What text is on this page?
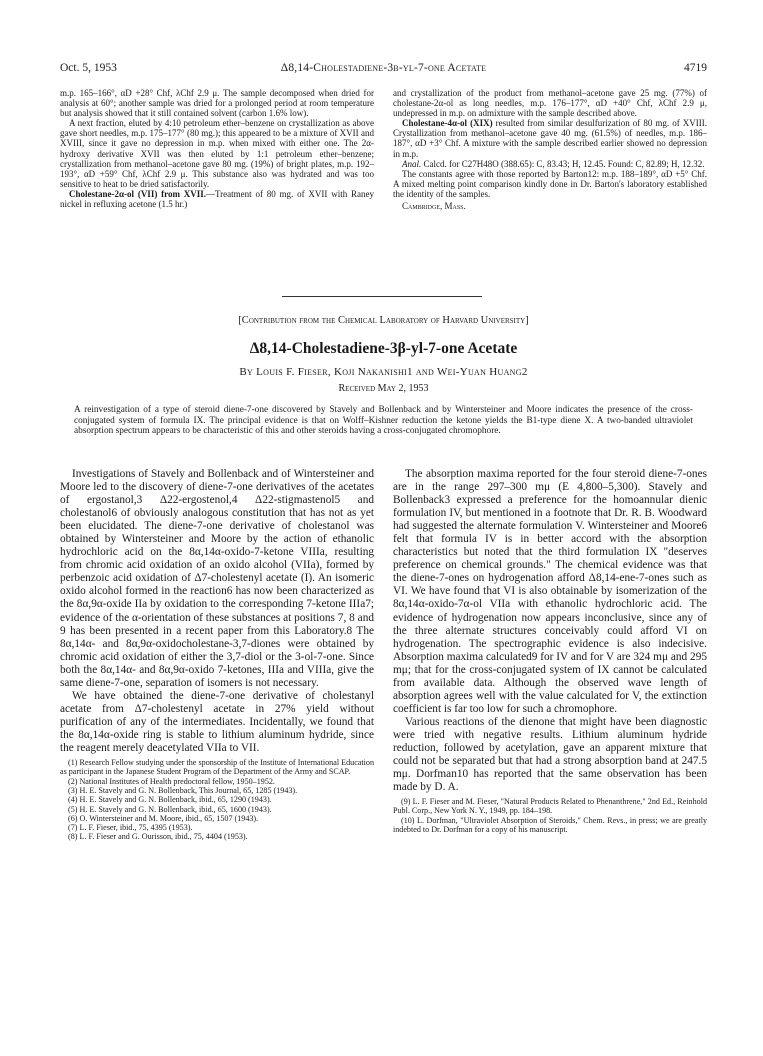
Oct. 5, 1953	Δ8,14-Cholestadiene-3β-yl-7-one Acetate	4719

m.p. 165–166°, αD +28° Chf, λChf 2.9 μ. The sample decomposed when dried for analysis at 60°; another sample was dried for a prolonged period at room temperature but analysis showed that it still contained solvent (carbon 1.6% low).

A next fraction, eluted by 4:10 petroleum ether–benzene on crystallization as above gave short needles, m.p. 175–177° (80 mg.); this appeared to be a mixture of XVII and XVIII, since it gave no depression in m.p. when mixed with either one. The 2α-hydroxy derivative XVII was then eluted by 1:1 petroleum ether–benzene; crystallization from methanol–acetone gave 80 mg. (19%) of bright plates, m.p. 192–193°, αD +59° Chf, λChf 2.9 μ. This substance also was hydrated and was too sensitive to heat to be dried satisfactorily.

Cholestane-2α-ol (VII) from XVII.—Treatment of 80 mg. of XVII with Raney nickel in refluxing acetone (1.5 hr.)

and crystallization of the product from methanol–acetone gave 25 mg. (77%) of cholestane-2α-ol as long needles, m.p. 176–177°, αD +40° Chf, λChf 2.9 μ, undepressed in m.p. on admixture with the sample described above.

Cholestane-4α-ol (XIX) resulted from similar desulfurization of 80 mg. of XVIII. Crystallization from methanol–acetone gave 40 mg. (61.5%) of needles, m.p. 186–187°, αD +3° Chf. A mixture with the sample described earlier showed no depression in m.p.

Anal. Calcd. for C27H48O (388.65): C, 83.43; H, 12.45. Found: C, 82.89; H, 12.32.

The constants agree with those reported by Barton12: m.p. 188–189°, αD +5° Chf. A mixed melting point comparison kindly done in Dr. Barton's laboratory established the identity of the samples.

Cambridge, Mass.

[Contribution from the Chemical Laboratory of Harvard University]
Δ8,14-Cholestadiene-3β-yl-7-one Acetate
By Louis F. Fieser, Koji Nakanishi1 and Wei-Yuan Huang2
Received May 2, 1953
A reinvestigation of a type of steroid diene-7-one discovered by Stavely and Bollenback and by Wintersteiner and Moore indicates the presence of the cross-conjugated system of formula IX. The principal evidence is that on Wolff–Kishner reduction the ketone yields the B1-type diene X. A two-banded ultraviolet absorption spectrum appears to be characteristic of this and other steroids having a cross-conjugated chromophore.

Investigations of Stavely and Bollenback and of Wintersteiner and Moore led to the discovery of diene-7-one derivatives of the acetates of ergostanol,3 Δ22-ergostenol,4 Δ22-stigmastenol5 and cholestanol6 of obviously analogous constitution that has not as yet been elucidated. The diene-7-one derivative of cholestanol was obtained by Wintersteiner and Moore by the action of ethanolic hydrochloric acid on the 8α,14α-oxido-7-ketone VIIIa, resulting from chromic acid oxidation of an oxido alcohol (VIIa), formed by perbenzoic acid oxidation of Δ7-cholestenyl acetate (I). An isomeric oxido alcohol formed in the reaction6 has now been characterized as the 8α,9α-oxide IIa by oxidation to the corresponding 7-ketone IIIa7; evidence of the α-orientation of these substances at positions 7, 8 and 9 has been presented in a recent paper from this Laboratory.8 The 8α,14α- and 8α,9α-oxidocholestane-3,7-diones were obtained by chromic acid oxidation of either the 3,7-diol or the 3-ol-7-one. Since both the 8α,14α- and 8α,9α-oxido 7-ketones, IIIa and VIIIa, give the same diene-7-one, separation of isomers is not necessary.

We have obtained the diene-7-one derivative of cholestanyl acetate from Δ7-cholestenyl acetate in 27% yield without purification of any of the intermediates. Incidentally, we found that the 8α,14α-oxide ring is stable to lithium aluminum hydride, since the reagent merely deacetylated VIIa to VII.

(1) Research Fellow studying under the sponsorship of the Institute of International Education as participant in the Japanese Student Program of the Department of the Army and SCAP.
(2) National Institutes of Health predoctoral fellow, 1950–1952.
(3) H. E. Stavely and G. N. Bollenback, This Journal, 65, 1285 (1943).
(4) H. E. Stavely and G. N. Bollenback, ibid., 65, 1290 (1943).
(5) H. E. Stavely and G. N. Bollenback, ibid., 65, 1600 (1943).
(6) O. Wintersteiner and M. Moore, ibid., 65, 1507 (1943).
(7) L. F. Fieser, ibid., 75, 4395 (1953).
(8) L. F. Fieser and G. Ourisson, ibid., 75, 4404 (1953).

The absorption maxima reported for the four steroid diene-7-ones are in the range 297–300 mμ (E 4,800–5,300). Stavely and Bollenback3 expressed a preference for the homoannular dienic formulation IV, but mentioned in a footnote that Dr. R. B. Woodward had suggested the alternate formulation V. Wintersteiner and Moore6 felt that formula IV is in better accord with the absorption characteristics but noted that the third formulation IX "deserves preference on chemical grounds." The chemical evidence was that the diene-7-ones on hydrogenation afford Δ8,14-ene-7-ones such as VI. We have found that VI is also obtainable by isomerization of the 8α,14α-oxido-7α-ol VIIa with ethanolic hydrochloric acid. The evidence of hydrogenation now appears inconclusive, since any of the three alternate structures conceivably could afford VI on hydrogenation. The spectrographic evidence is also indecisive. Absorption maxima calculated9 for IV and for V are 324 mμ and 295 mμ; that for the cross-conjugated system of IX cannot be calculated from available data. Although the observed wave length of absorption agrees well with the value calculated for V, the extinction coefficient is far too low for such a chromophore.

Various reactions of the dienone that might have been diagnostic were tried with negative results. Lithium aluminum hydride reduction, followed by acetylation, gave an apparent mixture that could not be separated but that had a strong absorption band at 247.5 mμ. Dorfman10 has reported that the same observation has been made by D. A.

(9) L. F. Fieser and M. Fieser, "Natural Products Related to Phenanthrene," 2nd Ed., Reinhold Publ. Corp., New York N. Y., 1949, pp. 184–198.
(10) L. Dorfman, "Ultraviolet Absorption of Steroids," Chem. Revs., in press; we are greatly indebted to Dr. Dorfman for a copy of his manuscript.
